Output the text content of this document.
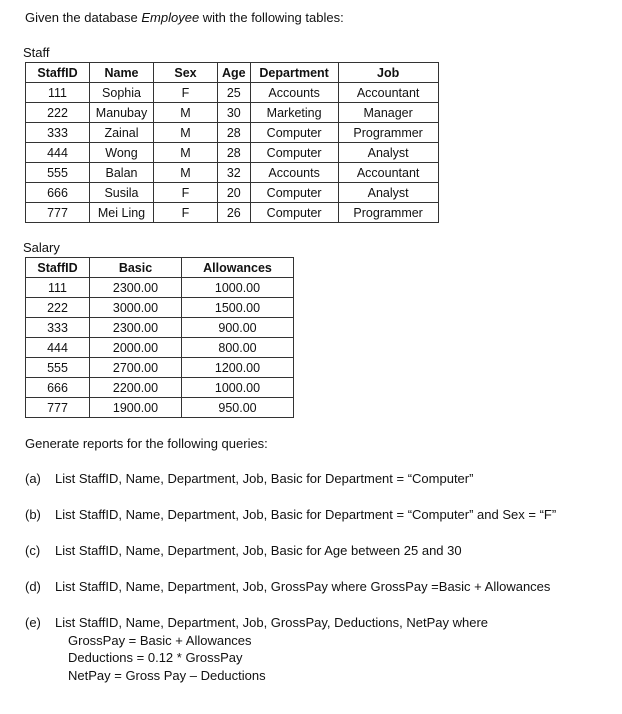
Given the database Employee with the following tables:
Staff
StaffID	Name	Sex	Age	Department	Job
111	Sophia	F	25	Accounts	Accountant
222	Manubay	M	30	Marketing	Manager
333	Zainal	M	28	Computer	Programmer
444	Wong	M	28	Computer	Analyst
555	Balan	M	32	Accounts	Accountant
666	Susila	F	20	Computer	Analyst
777	Mei Ling	F	26	Computer	Programmer
Salary
StaffID	Basic	Allowances
111	2300.00	1000.00
222	3000.00	1500.00
333	2300.00	900.00
444	2000.00	800.00
555	2700.00	1200.00
666	2200.00	1000.00
777	1900.00	950.00
Generate reports for the following queries:
(a) List StaffID, Name, Department, Job, Basic for Department = “Computer”
(b) List StaffID, Name, Department, Job, Basic for Department = “Computer” and Sex = “F”
(c) List StaffID, Name, Department, Job, Basic for Age between 25 and 30
(d) List StaffID, Name, Department, Job, GrossPay where GrossPay =Basic + Allowances
(e) List StaffID, Name, Department, Job, GrossPay, Deductions, NetPay where
GrossPay = Basic + Allowances
Deductions = 0.12 * GrossPay
NetPay = Gross Pay – Deductions
